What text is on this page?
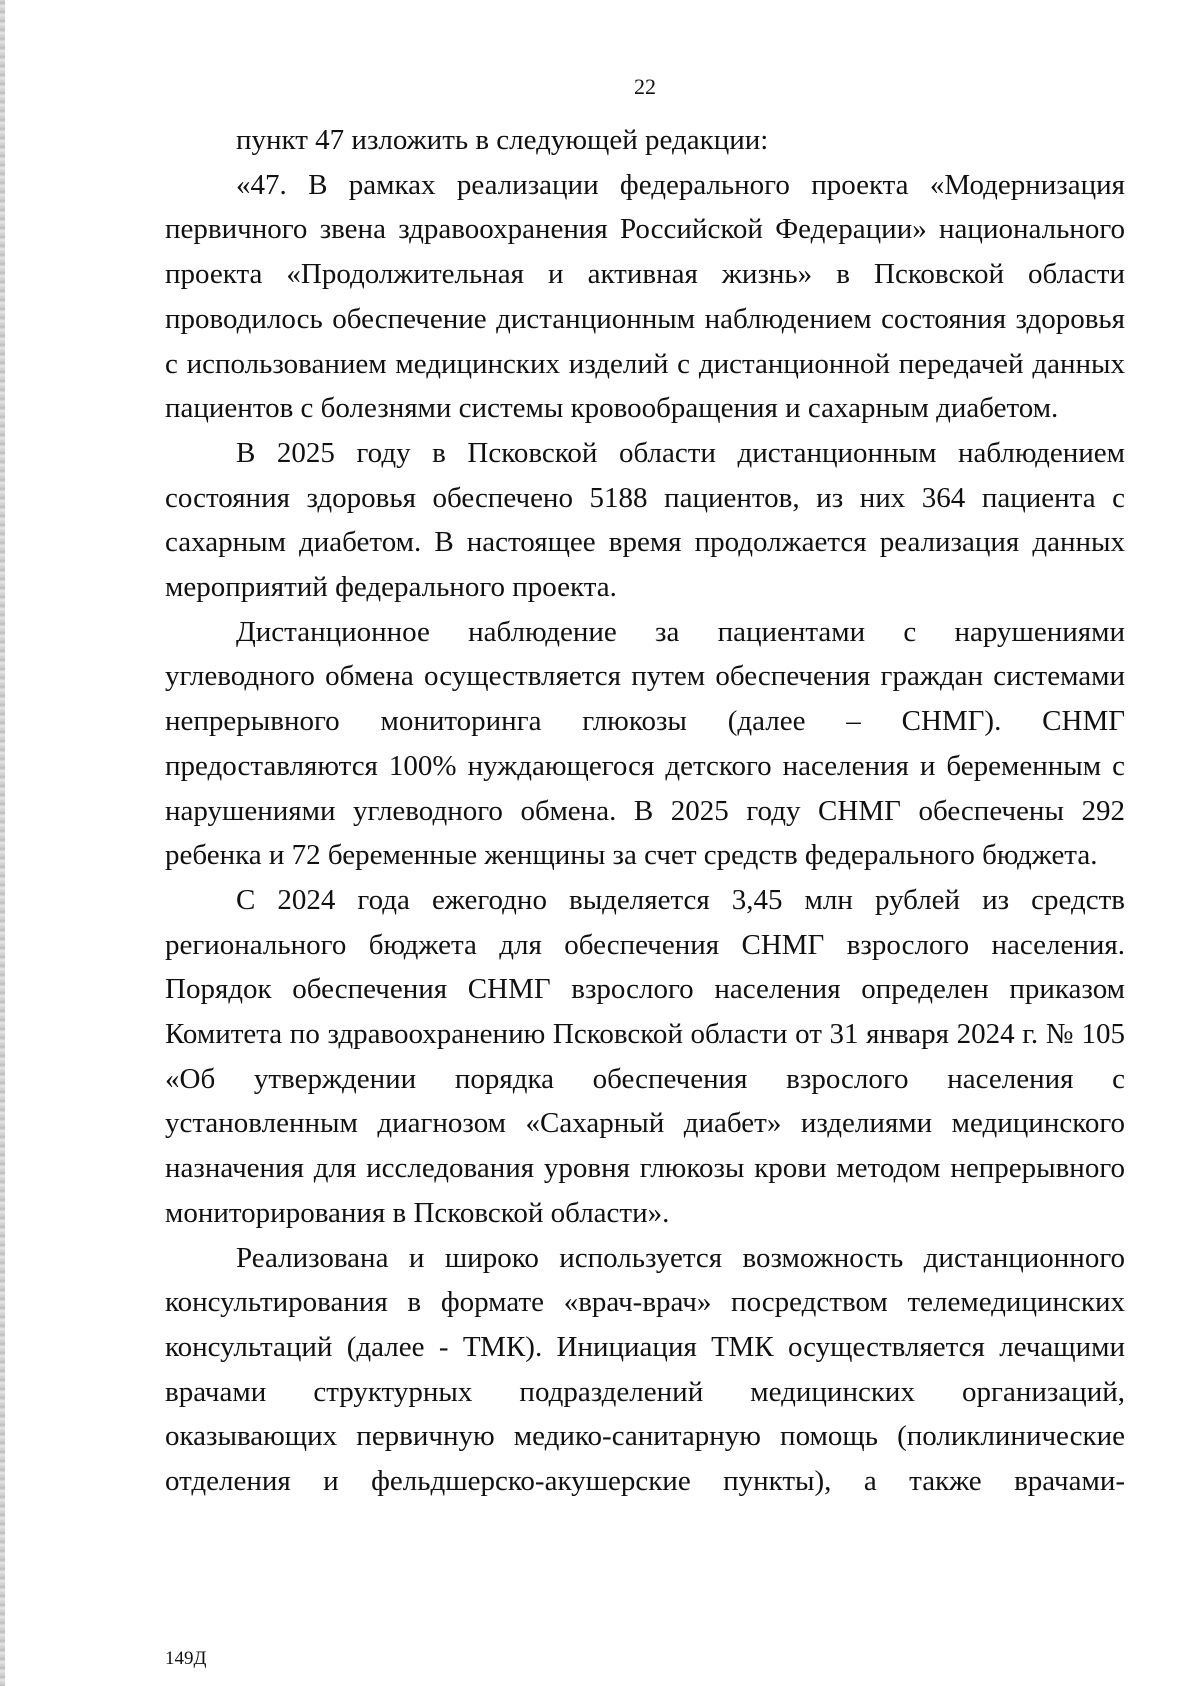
22

пункт 47 изложить в следующей редакции:

«47. В рамках реализации федерального проекта «Модернизация первичного звена здравоохранения Российской Федерации» национального проекта «Продолжительная и активная жизнь» в Псковской области проводилось обеспечение дистанционным наблюдением состояния здоровья с использованием медицинских изделий с дистанционной передачей данных пациентов с болезнями системы кровообращения и сахарным диабетом.

В 2025 году в Псковской области дистанционным наблюдением состояния здоровья обеспечено 5188 пациентов, из них 364 пациента с сахарным диабетом. В настоящее время продолжается реализация данных мероприятий федерального проекта.

Дистанционное наблюдение за пациентами с нарушениями углеводного обмена осуществляется путем обеспечения граждан системами непрерывного мониторинга глюкозы (далее – СНМГ). СНМГ предоставляются 100% нуждающегося детского населения и беременным с нарушениями углеводного обмена. В 2025 году СНМГ обеспечены 292 ребенка и 72 беременные женщины за счет средств федерального бюджета.

С 2024 года ежегодно выделяется 3,45 млн рублей из средств регионального бюджета для обеспечения СНМГ взрослого населения. Порядок обеспечения СНМГ взрослого населения определен приказом Комитета по здравоохранению Псковской области от 31 января 2024 г. № 105 «Об утверждении порядка обеспечения взрослого населения с установленным диагнозом «Сахарный диабет» изделиями медицинского назначения для исследования уровня глюкозы крови методом непрерывного мониторирования в Псковской области».

Реализована и широко используется возможность дистанционного консультирования в формате «врач-врач» посредством телемедицинских консультаций (далее - ТМК). Инициация ТМК осуществляется лечащими врачами структурных подразделений медицинских организаций, оказывающих первичную медико-санитарную помощь (поликлинические отделения и фельдшерско-акушерские пункты), а также врачами-

149Д
